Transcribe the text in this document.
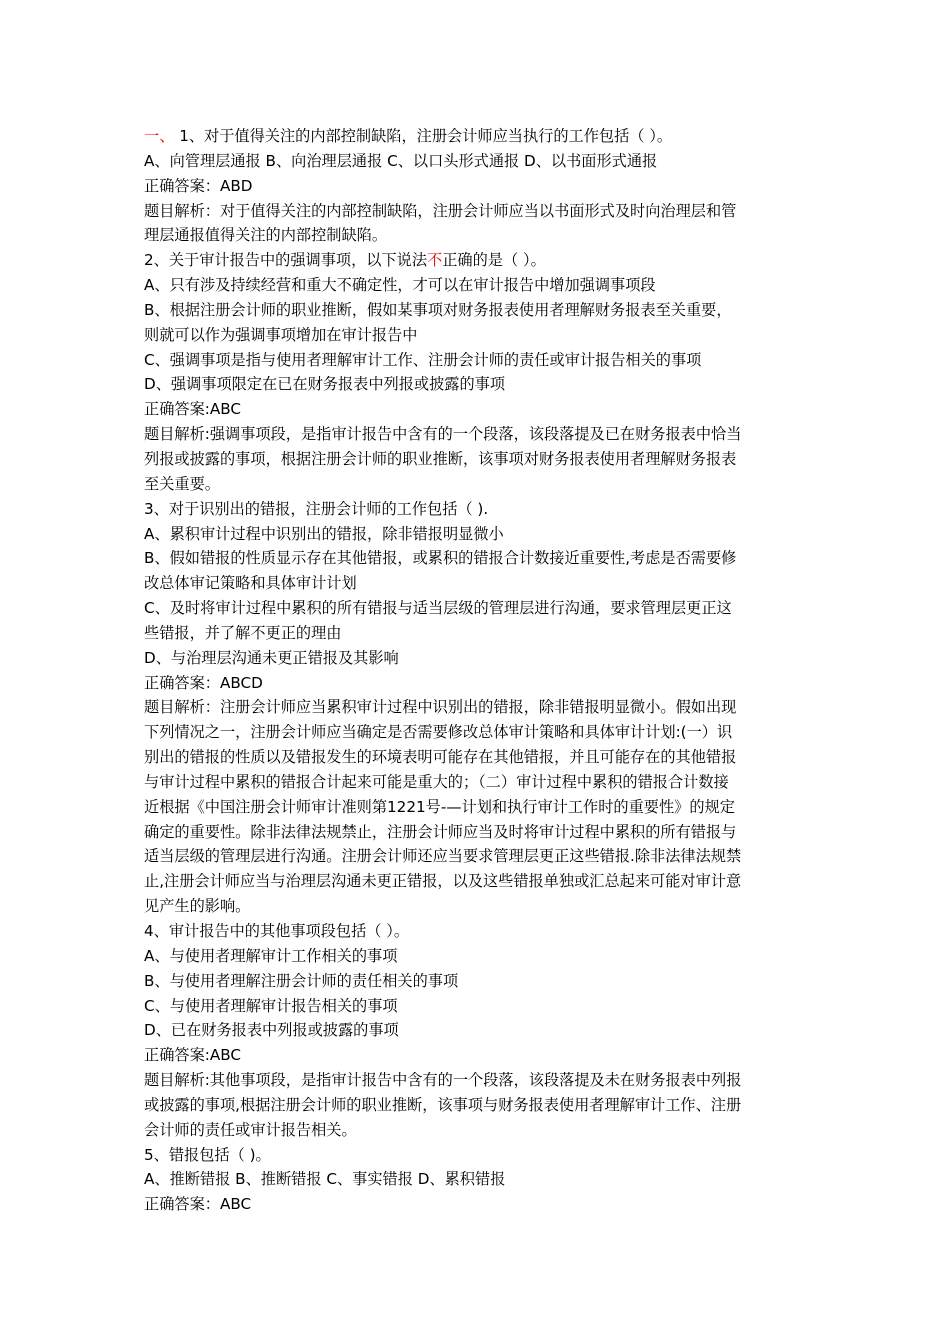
一、 1、对于值得关注的内部控制缺陷，注册会计师应当执行的工作包括（ ）。
A、向管理层通报 B、向治理层通报 C、以口头形式通报 D、以书面形式通报
正确答案：ABD
题目解析：对于值得关注的内部控制缺陷，注册会计师应当以书面形式及时向治理层和管
理层通报值得关注的内部控制缺陷。
2、关于审计报告中的强调事项，以下说法不正确的是（ ）。
A、只有涉及持续经营和重大不确定性，才可以在审计报告中增加强调事项段
B、根据注册会计师的职业推断，假如某事项对财务报表使用者理解财务报表至关重要，
则就可以作为强调事项增加在审计报告中
C、强调事项是指与使用者理解审计工作、注册会计师的责任或审计报告相关的事项
D、强调事项限定在已在财务报表中列报或披露的事项
正确答案:ABC
题目解析:强调事项段，是指审计报告中含有的一个段落，该段落提及已在财务报表中恰当
列报或披露的事项，根据注册会计师的职业推断，该事项对财务报表使用者理解财务报表
至关重要。
3、对于识别出的错报，注册会计师的工作包括（ ).
A、累积审计过程中识别出的错报，除非错报明显微小
B、假如错报的性质显示存在其他错报，或累积的错报合计数接近重要性,考虑是否需要修
改总体审记策略和具体审计计划
C、及时将审计过程中累积的所有错报与适当层级的管理层进行沟通，要求管理层更正这
些错报，并了解不更正的理由
D、与治理层沟通未更正错报及其影响
正确答案：ABCD
题目解析：注册会计师应当累积审计过程中识别出的错报，除非错报明显微小。假如出现
下列情况之一，注册会计师应当确定是否需要修改总体审计策略和具体审计计划:(一）识
别出的错报的性质以及错报发生的环境表明可能存在其他错报，并且可能存在的其他错报
与审计过程中累积的错报合计起来可能是重大的；（二）审计过程中累积的错报合计数接
近根据《中国注册会计师审计准则第1221号-—计划和执行审计工作时的重要性》的规定
确定的重要性。除非法律法规禁止，注册会计师应当及时将审计过程中累积的所有错报与
适当层级的管理层进行沟通。注册会计师还应当要求管理层更正这些错报.除非法律法规禁
止,注册会计师应当与治理层沟通未更正错报，以及这些错报单独或汇总起来可能对审计意
见产生的影响。
4、审计报告中的其他事项段包括（ ）。
A、与使用者理解审计工作相关的事项
B、与使用者理解注册会计师的责任相关的事项
C、与使用者理解审计报告相关的事项
D、已在财务报表中列报或披露的事项
正确答案:ABC
题目解析:其他事项段，是指审计报告中含有的一个段落，该段落提及未在财务报表中列报
或披露的事项,根据注册会计师的职业推断，该事项与财务报表使用者理解审计工作、注册
会计师的责任或审计报告相关。
5、错报包括（ )。
A、推断错报 B、推断错报 C、事实错报 D、累积错报
正确答案：ABC
